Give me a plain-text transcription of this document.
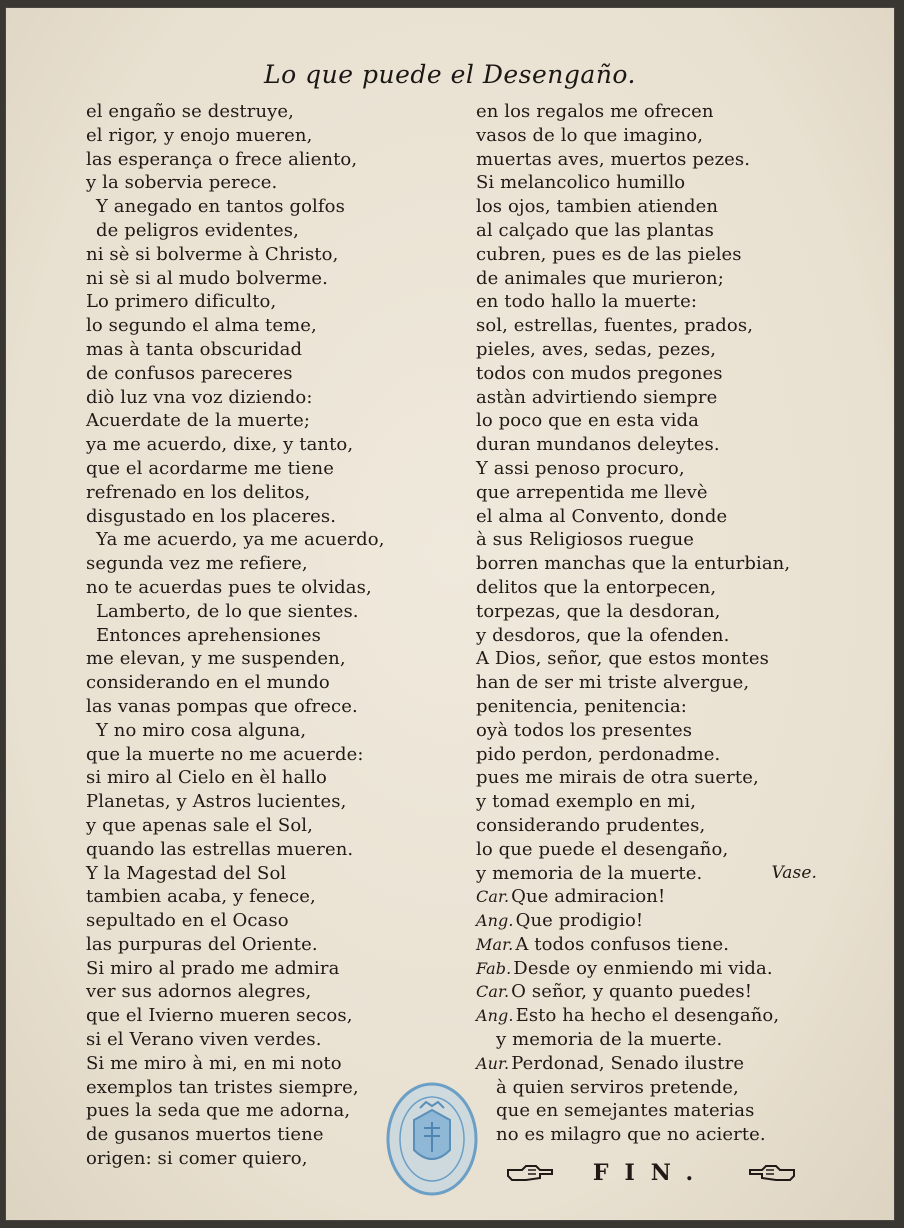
Lo que puede el Desengaño.
el engaño se destruye,
el rigor, y enojo mueren,
las esperança o frece aliento,
y la sobervia perece.
Y anegado en tantos golfos
de peligros evidentes,
ni sè si bolverme à Christo,
ni sè si al mudo bolverme.
Lo primero dificulto,
lo segundo el alma teme,
mas à tanta obscuridad
de confusos pareceres
diò luz vna voz diziendo:
Acuerdate de la muerte;
ya me acuerdo, dixe, y tanto,
que el acordarme me tiene
refrenado en los delitos,
disgustado en los placeres.
Ya me acuerdo, ya me acuerdo,
segunda vez me refiere,
no te acuerdas pues te olvidas,
Lamberto, de lo que sientes.
Entonces aprehensiones
me elevan, y me suspenden,
considerando en el mundo
las vanas pompas que ofrece.
Y no miro cosa alguna,
que la muerte no me acuerde:
si miro al Cielo en èl hallo
Planetas, y Astros lucientes,
y que apenas sale el Sol,
quando las estrellas mueren.
Y la Magestad del Sol
tambien acaba, y fenece,
sepultado en el Ocaso
las purpuras del Oriente.
Si miro al prado me admira
ver sus adornos alegres,
que el Ivierno mueren secos,
si el Verano viven verdes.
Si me miro à mi, en mi noto
exemplos tan tristes siempre,
pues la seda que me adorna,
de gusanos muertos tiene
origen: si comer quiero,
en los regalos me ofrecen
vasos de lo que imagino,
muertas aves, muertos pezes.
Si melancolico humillo
los ojos, tambien atienden
al calçado que las plantas
cubren, pues es de las pieles
de animales que murieron;
en todo hallo la muerte:
sol, estrellas, fuentes, prados,
pieles, aves, sedas, pezes,
todos con mudos pregones
astàn advirtiendo siempre
lo poco que en esta vida
duran mundanos deleytes.
Y assi penoso procuro,
que arrepentida me llevè
el alma al Convento, donde
à sus Religiosos ruegue
borren manchas que la enturbian,
delitos que la entorpecen,
torpezas, que la desdoran,
y desdoros, que la ofenden.
A Dios, señor, que estos montes
han de ser mi triste alvergue,
penitencia, penitencia:
oyà todos los presentes
pido perdon, perdonadme.
pues me mirais de otra suerte,
y tomad exemplo en mi,
considerando prudentes,
lo que puede el desengaño,
y memoria de la muerte.	Vase.
Car. Que admiracion!
Ang. Que prodigio!
Mar. A todos confusos tiene.
Fab. Desde oy enmiendo mi vida.
Car. O señor, y quanto puedes!
Ang. Esto ha hecho el desengaño,
y memoria de la muerte.
Aur. Perdonad, Senado ilustre
à quien serviros pretende,
que en semejantes materias
no es milagro que no acierte.
FIN.
